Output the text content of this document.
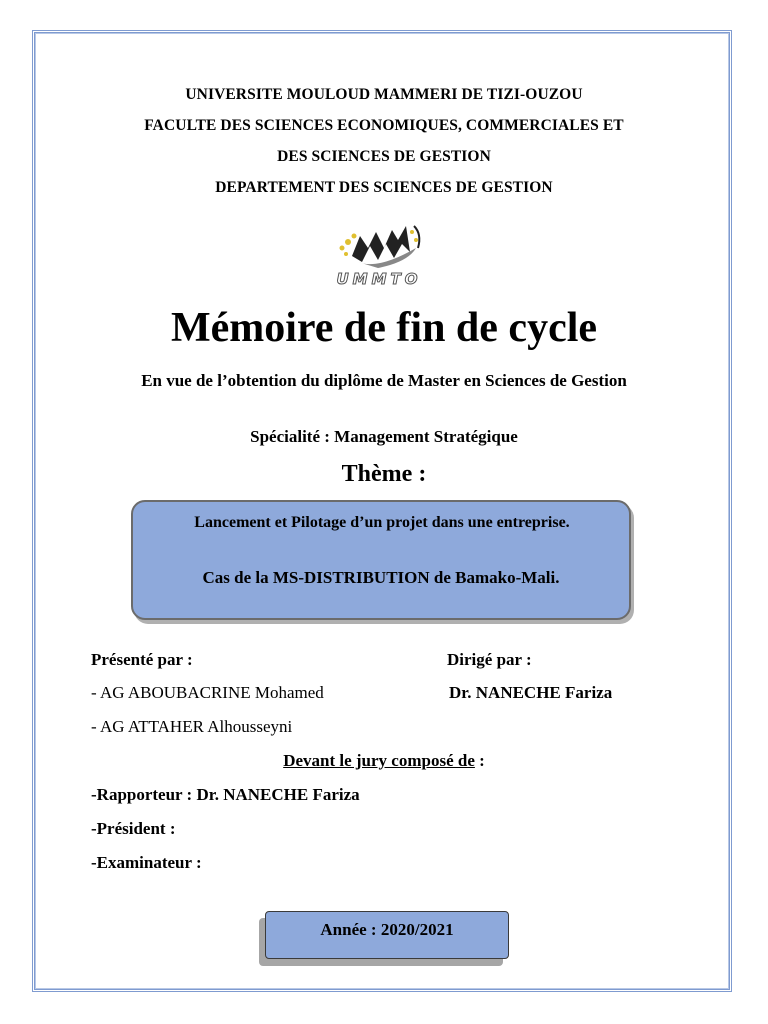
UNIVERSITE MOULOUD MAMMERI DE TIZI-OUZOU
FACULTE DES SCIENCES ECONOMIQUES, COMMERCIALES ET
DES SCIENCES DE GESTION
DEPARTEMENT DES SCIENCES DE GESTION
UMMTO
Mémoire de fin de cycle
En vue de l’obtention du diplôme de Master en Sciences de Gestion
Spécialité : Management Stratégique
Thème :
Lancement et Pilotage d’un projet dans une entreprise.
Cas de la MS-DISTRIBUTION de Bamako-Mali.
Présenté par :	Dirigé par :
- AG ABOUBACRINE Mohamed	Dr. NANECHE Fariza
- AG ATTAHER Alhousseyni
Devant le jury composé de :
-Rapporteur : Dr. NANECHE Fariza
-Président :
-Examinateur :
Année : 2020/2021
